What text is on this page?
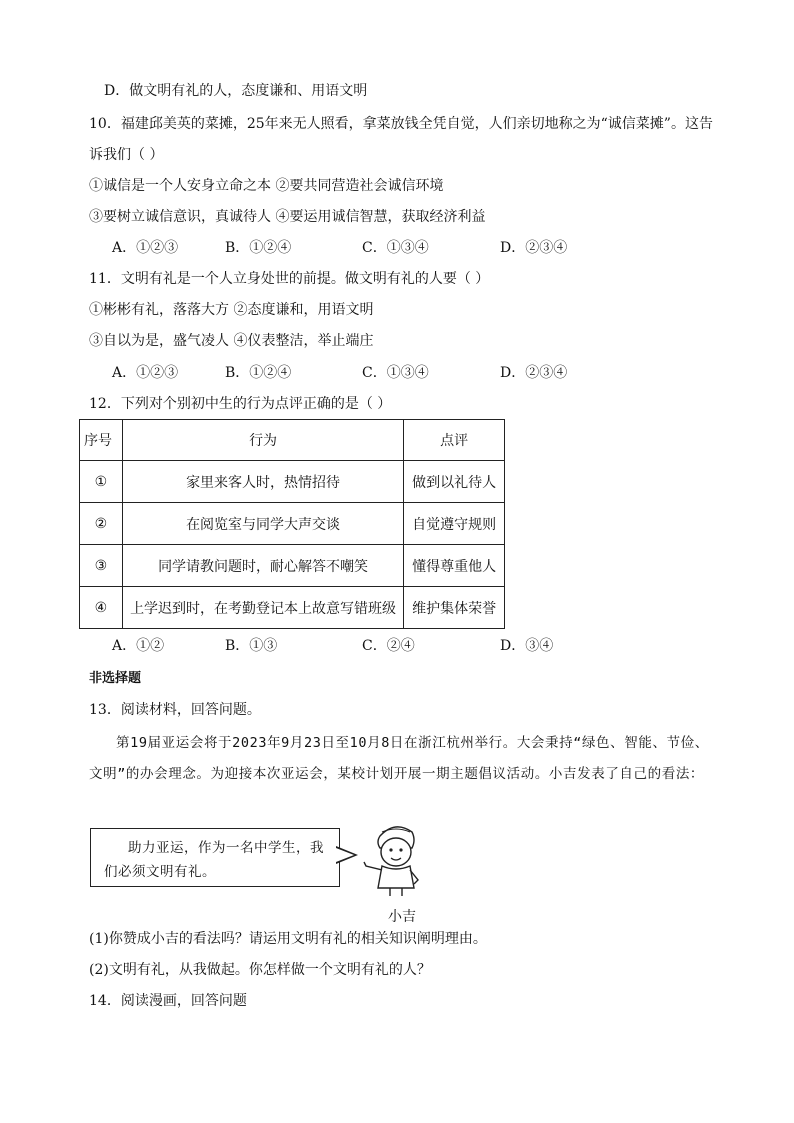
D．做文明有礼的人，态度谦和、用语文明
10．福建邱美英的菜摊，25年来无人照看，拿菜放钱全凭自觉，人们亲切地称之为“诚信菜摊”。这告
诉我们（ ）
①诚信是一个人安身立命之本 ②要共同营造社会诚信环境
③要树立诚信意识，真诚待人 ④要运用诚信智慧，获取经济利益
A．①②③	B．①②④	C．①③④	D．②③④
11．文明有礼是一个人立身处世的前提。做文明有礼的人要（ ）
①彬彬有礼，落落大方 ②态度谦和，用语文明
③自以为是，盛气凌人 ④仪表整洁，举止端庄
A．①②③	B．①②④	C．①③④	D．②③④
12．下列对个别初中生的行为点评正确的是（ ）
序号	行为	点评
①	家里来客人时，热情招待	做到以礼待人
②	在阅览室与同学大声交谈	自觉遵守规则
③	同学请教问题时，耐心解答不嘲笑	懂得尊重他人
④	上学迟到时，在考勤登记本上故意写错班级	维护集体荣誉
A．①②	B．①③	C．②④	D．③④
非选择题
13．阅读材料，回答问题。
第19届亚运会将于2023年9月23日至10月8日在浙江杭州举行。大会秉持“绿色、智能、节俭、文明”的办会理念。为迎接本次亚运会，某校计划开展一期主题倡议活动。小吉发表了自己的看法：
助力亚运，作为一名中学生，我们必须文明有礼。
小吉
(1)你赞成小吉的看法吗？请运用文明有礼的相关知识阐明理由。
(2)文明有礼，从我做起。你怎样做一个文明有礼的人？
14．阅读漫画，回答问题
